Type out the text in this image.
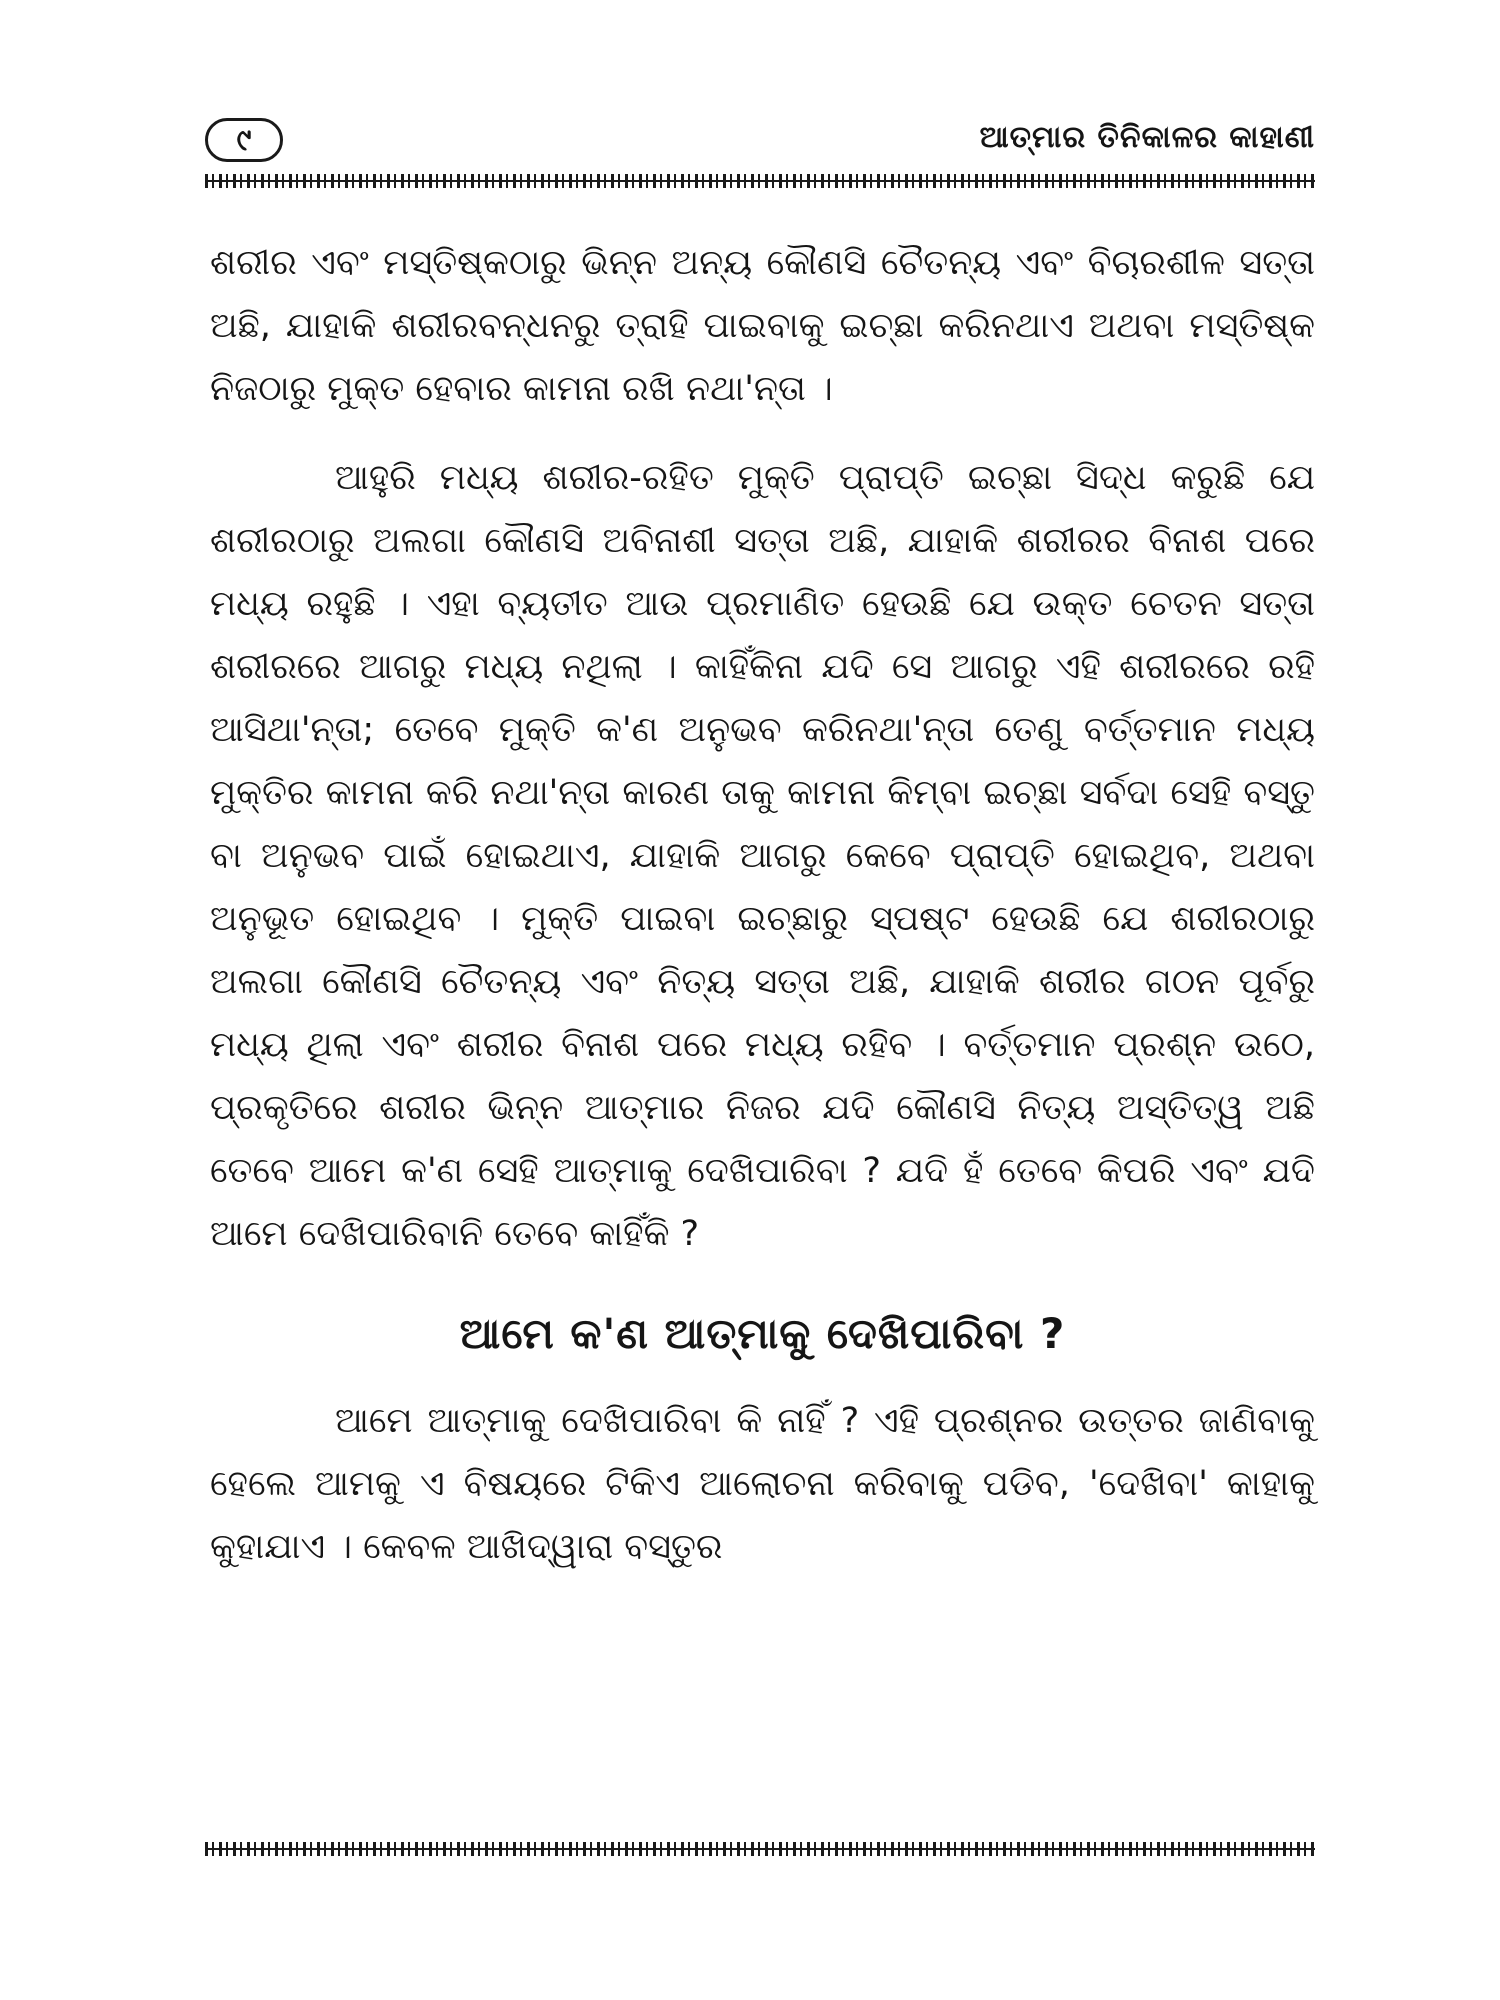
୯	ଆତ୍ମାର ତିନିକାଳର କାହାଣୀ

ଶରୀର ଏବଂ ମସ୍ତିଷ୍କଠାରୁ ଭିନ୍ନ ଅନ୍ୟ କୌଣସି ଚୈତନ୍ୟ ଏବଂ ବିଚାରଶୀଳ ସତ୍ତା ଅଛି, ଯାହାକି ଶରୀରବନ୍ଧନରୁ ତ୍ରାହି ପାଇବାକୁ ଇଚ୍ଛା କରିନଥାଏ ଅଥବା ମସ୍ତିଷ୍କ ନିଜଠାରୁ ମୁକ୍ତ ହେବାର କାମନା ରଖି ନଥା'ନ୍ତା ।

ଆହୁରି ମଧ୍ୟ ଶରୀର-ରହିତ ମୁକ୍ତି ପ୍ରାପ୍ତି ଇଚ୍ଛା ସିଦ୍ଧ କରୁଛି ଯେ ଶରୀରଠାରୁ ଅଲଗା କୌଣସି ଅବିନାଶୀ ସତ୍ତା ଅଛି, ଯାହାକି ଶରୀରର ବିନାଶ ପରେ ମଧ୍ୟ ରହୁଛି । ଏହା ବ୍ୟତୀତ ଆଉ ପ୍ରମାଣିତ ହେଉଛି ଯେ ଉକ୍ତ ଚେତନ ସତ୍ତା ଶରୀରରେ ଆଗରୁ ମଧ୍ୟ ନଥିଲା । କାହିଁକିନା ଯଦି ସେ ଆଗରୁ ଏହି ଶରୀରରେ ରହି ଆସିଥା'ନ୍ତା; ତେବେ ମୁକ୍ତି କ'ଣ ଅନୁଭବ କରିନଥା'ନ୍ତା ତେଣୁ ବର୍ତ୍ତମାନ ମଧ୍ୟ ମୁକ୍ତିର କାମନା କରି ନଥା'ନ୍ତା କାରଣ ତାକୁ କାମନା କିମ୍ବା ଇଚ୍ଛା ସର୍ବଦା ସେହି ବସ୍ତୁ ବା ଅନୁଭବ ପାଇଁ ହୋଇଥାଏ, ଯାହାକି ଆଗରୁ କେବେ ପ୍ରାପ୍ତି ହୋଇଥିବ, ଅଥବା ଅନୁଭୂତ ହୋଇଥିବ । ମୁକ୍ତି ପାଇବା ଇଚ୍ଛାରୁ ସ୍ପଷ୍ଟ ହେଉଛି ଯେ ଶରୀରଠାରୁ ଅଲଗା କୌଣସି ଚୈତନ୍ୟ ଏବଂ ନିତ୍ୟ ସତ୍ତା ଅଛି, ଯାହାକି ଶରୀର ଗଠନ ପୂର୍ବରୁ ମଧ୍ୟ ଥିଲା ଏବଂ ଶରୀର ବିନାଶ ପରେ ମଧ୍ୟ ରହିବ । ବର୍ତ୍ତମାନ ପ୍ରଶ୍ନ ଉଠେ, ପ୍ରକୃତିରେ ଶରୀର ଭିନ୍ନ ଆତ୍ମାର ନିଜର ଯଦି କୌଣସି ନିତ୍ୟ ଅସ୍ତିତ୍ୱ ଅଛି ତେବେ ଆମେ କ'ଣ ସେହି ଆତ୍ମାକୁ ଦେଖିପାରିବା ? ଯଦି ହଁ ତେବେ କିପରି ଏବଂ ଯଦି ଆମେ ଦେଖିପାରିବାନି ତେବେ କାହିଁକି ?

ଆମେ କ'ଣ ଆତ୍ମାକୁ ଦେଖିପାରିବା ?

ଆମେ ଆତ୍ମାକୁ ଦେଖିପାରିବା କି ନାହିଁ ? ଏହି ପ୍ରଶ୍ନର ଉତ୍ତର ଜାଣିବାକୁ ହେଲେ ଆମକୁ ଏ ବିଷୟରେ ଟିକିଏ ଆଲୋଚନା କରିବାକୁ ପଡିବ, 'ଦେଖିବା' କାହାକୁ କୁହାଯାଏ । କେବଳ ଆଖିଦ୍ୱାରା ବସ୍ତୁର
